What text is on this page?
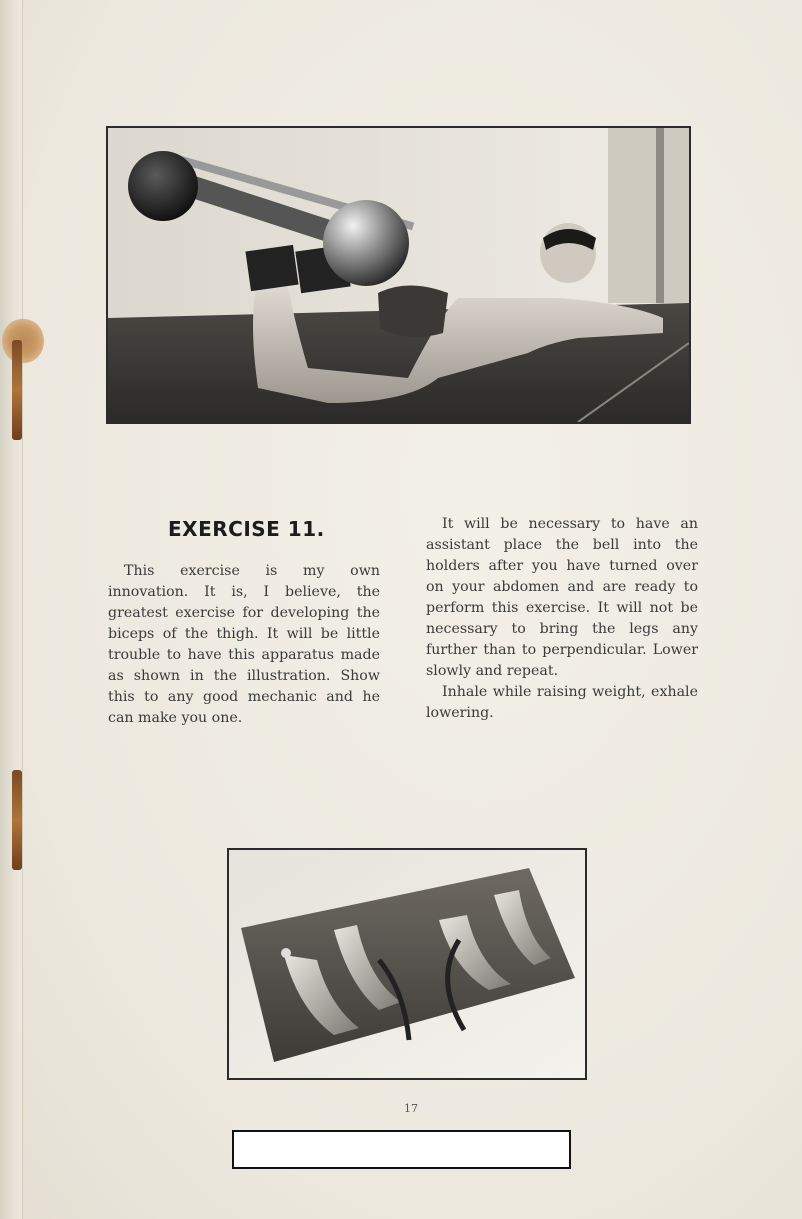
EXERCISE 11.

This exercise is my own innovation. It is, I believe, the greatest exercise for developing the biceps of the thigh. It will be little trouble to have this apparatus made as shown in the illustration. Show this to any good mechanic and he can make you one.

It will be necessary to have an assistant place the bell into the holders after you have turned over on your abdomen and are ready to perform this exercise. It will not be necessary to bring the legs any further than to perpendicular. Lower slowly and repeat.

Inhale while raising weight, exhale lowering.

17
